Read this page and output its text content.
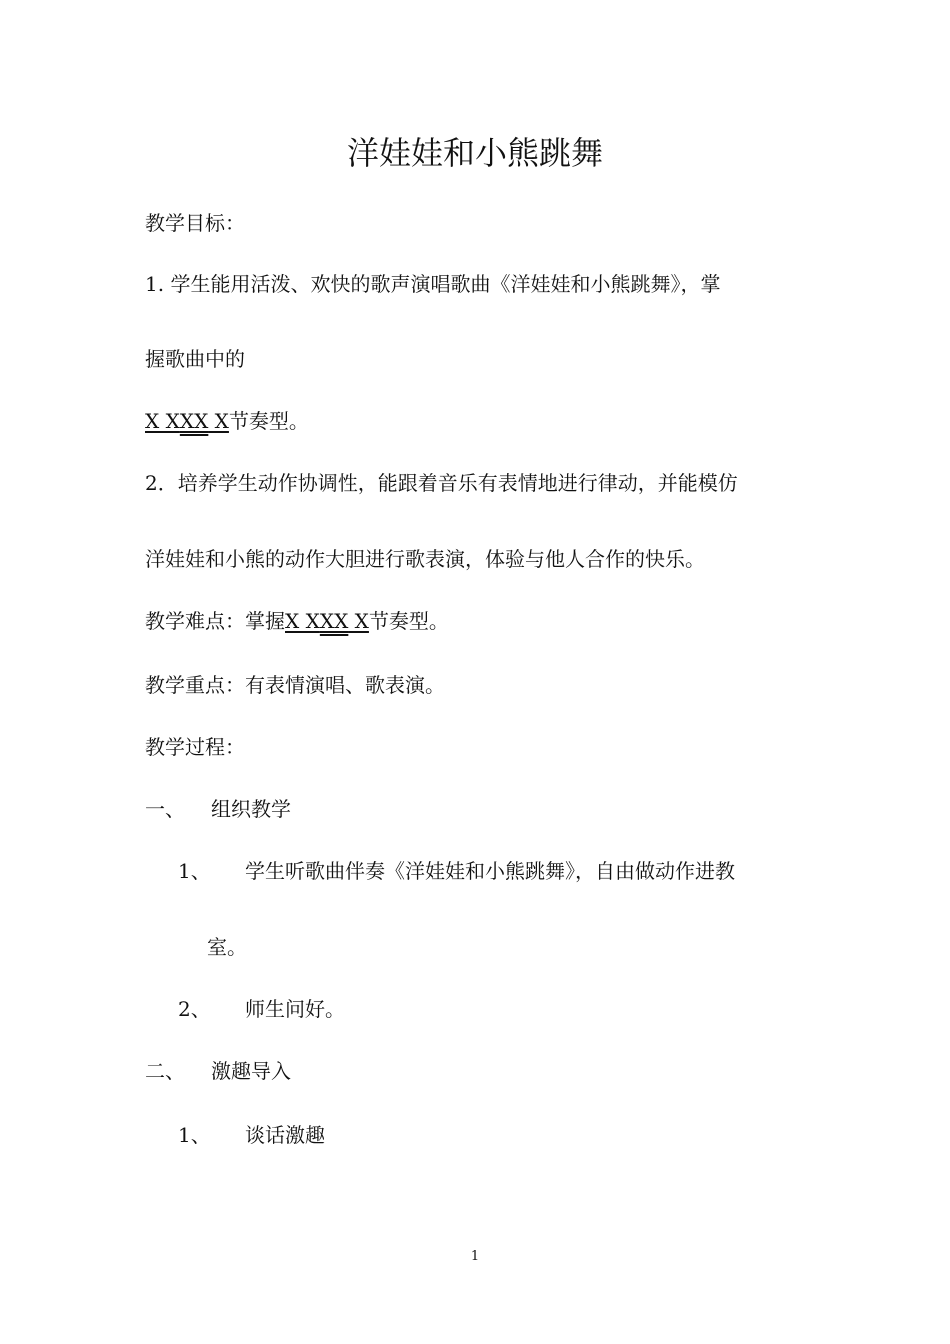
洋娃娃和小熊跳舞

教学目标：

1. 学生能用活泼、欢快的歌声演唱歌曲《洋娃娃和小熊跳舞》，掌

握歌曲中的

X XXX X节奏型。

2．培养学生动作协调性，能跟着音乐有表情地进行律动，并能模仿

洋娃娃和小熊的动作大胆进行歌表演，体验与他人合作的快乐。

教学难点：掌握X XXX X节奏型。

教学重点：有表情演唱、歌表演。

教学过程：

一、 组织教学

1、 学生听歌曲伴奏《洋娃娃和小熊跳舞》，自由做动作进教

室。

2、 师生问好。

二、 激趣导入

1、 谈话激趣

1
